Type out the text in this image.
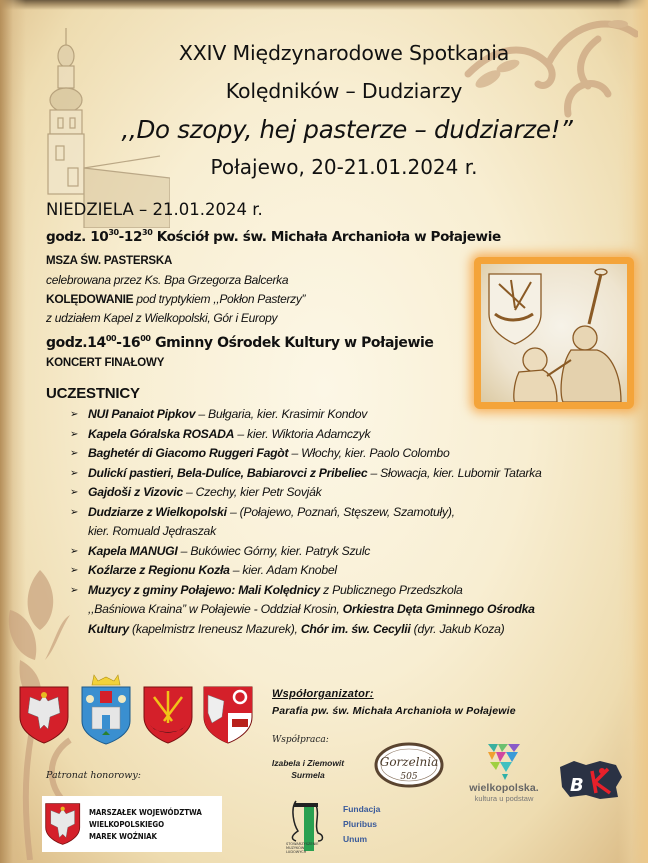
XXIV Międzynarodowe Spotkania
Kolędników – Dudziarzy
,,Do szopy, hej pasterze – dudziarze!”
Połajewo, 20-21.01.2024 r.
NIEDZIELA – 21.01.2024 r.
godz. $10^{30}-12^{30}$ Kościół pw. św. Michała Archanioła w Połajewie
MSZA ŚW. PASTERSKA
celebrowana przez Ks. Bpa Grzegorza Balcerka
KOLĘDOWANIE pod tryptykiem ,,Pokłon Pasterzy”
z udziałem Kapel z Wielkopolski, Gór i Europy
$godz.14^{00}-16^{00}$ Gminny Ośrodek Kultury w Połajewie
KONCERT FINAŁOWY
UCZESTNICY
➢ NUI Panaiot Pipkov – Bułgaria, kier. Krasimir Kondov
➢ Kapela Góralska ROSADA – kier. Wiktoria Adamczyk
➢ Baghetér di Giacomo Ruggeri Fagòt – Włochy, kier. Paolo Colombo
➢ Dulickí pastieri, Bela-Dulíce, Babiarovci z Pribeliec – Słowacja, kier. Lubomir Tatarka
➢ Gajdoši z Vizovic – Czechy, kier Petr Sovják
➢ Dudziarze z Wielkopolski – (Połajewo, Poznań, Stęszew, Szamotuły),
kier. Romuald Jędraszak
➢ Kapela MANUGI – Bukówiec Górny, kier. Patryk Szulc
➢ Koźlarze z Regionu Kozła – kier. Adam Knobel
➢ Muzycy z gminy Połajewo: Mali Kolędnicy z Publicznego Przedszkola
,,Baśniowa Kraina” w Połajewie - Oddział Krosin, Orkiestra Dęta Gminnego Ośrodka
Kultury (kapelmistrz Ireneusz Mazurek), Chór im. św. Cecylii (dyr. Jakub Koza)
Współorganizator:
Parafia pw. św. Michała Archanioła w Połajewie
Współpraca:
Izabela i Ziemowit Surmela
Gorzelnia
505
wielkopolska.
kultura u podstaw
B
Patronat honorowy:
MARSZAŁEK WOJEWÓDZTWA
WIELKOPOLSKIEGO
MAREK WOŹNIAK
STOWARZYSZENIE
MUZYKÓW
LUDOWYCH
Fundacja
Pluribus
Unum
